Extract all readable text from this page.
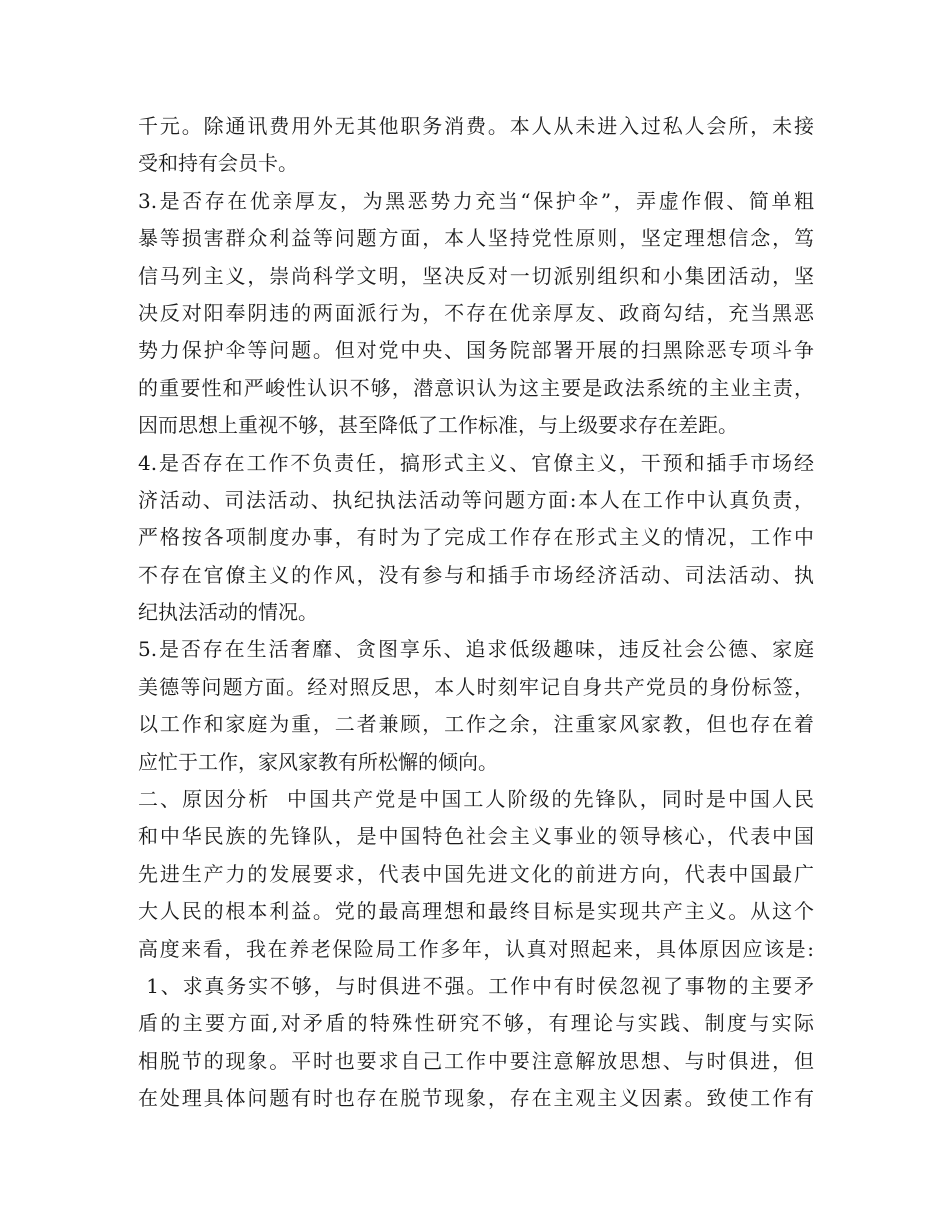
千元。除通讯费用外无其他职务消费。本人从未进入过私人会所，未接
受和持有会员卡。
3.是否存在优亲厚友，为黑恶势力充当“保护伞”，弄虚作假、简单粗
暴等损害群众利益等问题方面，本人坚持党性原则，坚定理想信念，笃
信马列主义，崇尚科学文明，坚决反对一切派别组织和小集团活动，坚
决反对阳奉阴违的两面派行为，不存在优亲厚友、政商勾结，充当黑恶
势力保护伞等问题。但对党中央、国务院部署开展的扫黑除恶专项斗争
的重要性和严峻性认识不够，潜意识认为这主要是政法系统的主业主责，
因而思想上重视不够，甚至降低了工作标准，与上级要求存在差距。
4.是否存在工作不负责任，搞形式主义、官僚主义，干预和插手市场经
济活动、司法活动、执纪执法活动等问题方面:本人在工作中认真负责，
严格按各项制度办事，有时为了完成工作存在形式主义的情况，工作中
不存在官僚主义的作风，没有参与和插手市场经济活动、司法活动、执
纪执法活动的情况。
5.是否存在生活奢靡、贪图享乐、追求低级趣味，违反社会公德、家庭
美德等问题方面。经对照反思，本人时刻牢记自身共产党员的身份标签，
以工作和家庭为重，二者兼顾，工作之余，注重家风家教，但也存在着
应忙于工作，家风家教有所松懈的倾向。
二、原因分析  中国共产党是中国工人阶级的先锋队，同时是中国人民
和中华民族的先锋队，是中国特色社会主义事业的领导核心，代表中国
先进生产力的发展要求，代表中国先进文化的前进方向，代表中国最广
大人民的根本利益。党的最高理想和最终目标是实现共产主义。从这个
高度来看，我在养老保险局工作多年，认真对照起来，具体原因应该是:
1、求真务实不够，与时俱进不强。工作中有时侯忽视了事物的主要矛
盾的主要方面,对矛盾的特殊性研究不够，有理论与实践、制度与实际
相脱节的现象。平时也要求自己工作中要注意解放思想、与时俱进，但
在处理具体问题有时也存在脱节现象，存在主观主义因素。致使工作有
